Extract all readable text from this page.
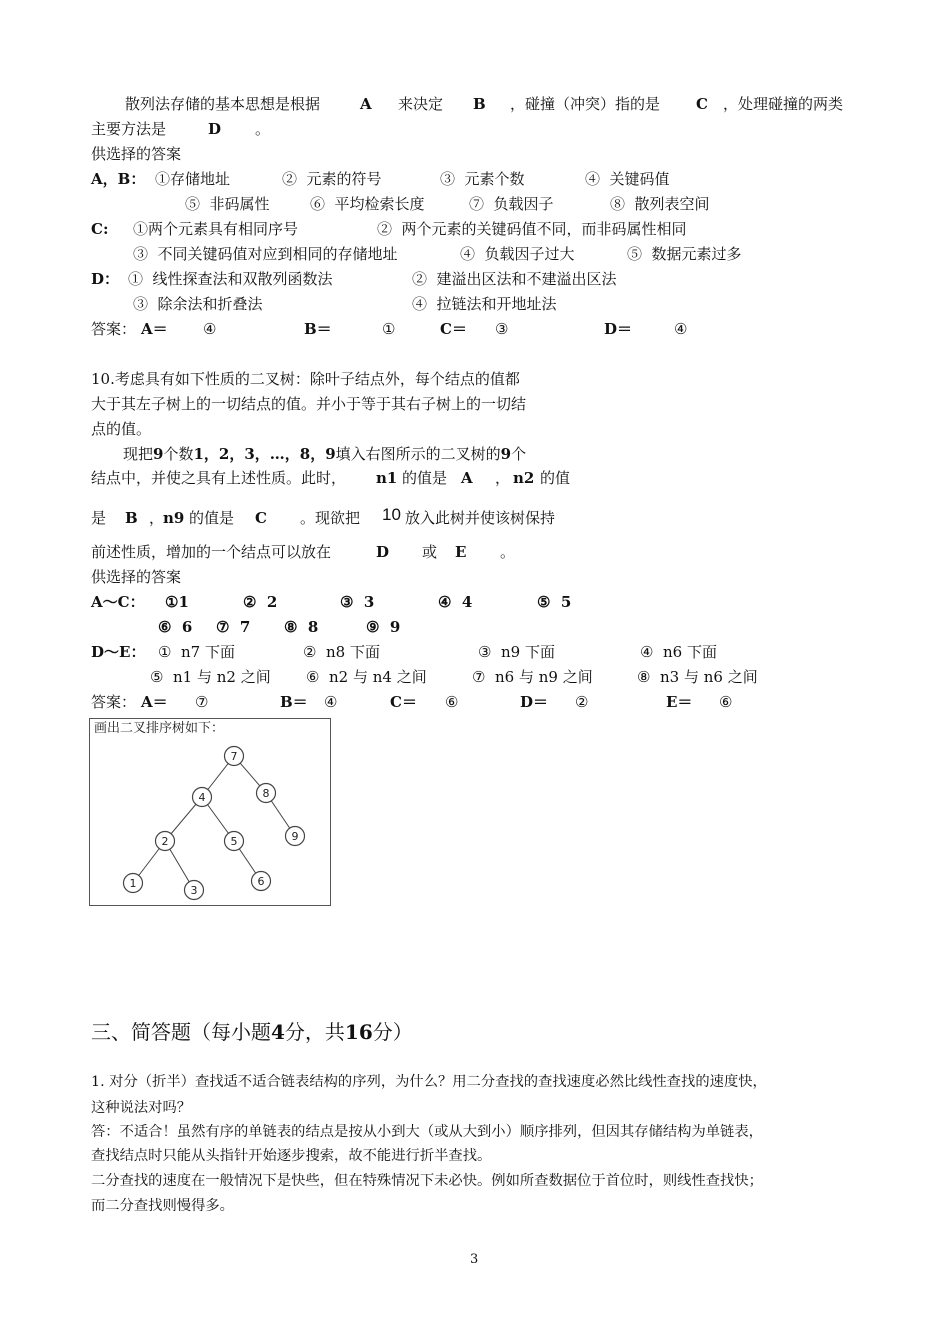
散列法存储的基本思想是根据	A 来决定 B ，碰撞（冲突）指的是 C ，处理碰撞的两类
主要方法是	D 。
供选择的答案
A，B： ①存储地址	②  元素的符号	③  元素个数	④  关键码值
⑤  非码属性	⑥  平均检索长度	⑦  负载因子	⑧  散列表空间
C: ①两个元素具有相同序号	②  两个元素的关键码值不同，而非码属性相同
③  不同关键码值对应到相同的存储地址	④  负载因子过大	⑤  数据元素过多
D： ①  线性探查法和双散列函数法	②  建溢出区法和不建溢出区法
③  除余法和折叠法	④  拉链法和开地址法
答案： A＝ ④	B＝	①	C＝ ③	D＝	④
10.考虑具有如下性质的二叉树：除叶子结点外，每个结点的值都
大于其左子树上的一切结点的值。并小于等于其右子树上的一切结
点的值。
现把9个数1，2，3，…，8，9填入右图所示的二叉树的9个
结点中，并使之具有上述性质。此时， n1 的值是 A ， n2 的值
是 B ，
n9 的值是 C 。现欲把 10 放入此树并使该树保持
前述性质，增加的一个结点可以放在	D 或 E 。
供选择的答案
A～C： ①1	②  2	③  3	④  4	⑤  5
⑥  6 ⑦  7 ⑧  8	⑨  9
D～E： ①  n7 下面	②  n8 下面	③  n9 下面	④  n6 下面
⑤  n1 与 n2 之间 ⑥  n2 与 n4 之间	⑦  n6 与 n9 之间	⑧  n3 与 n6 之间
答案： A＝ ⑦	B＝ ④	C＝ ⑥	D＝ ②	E＝ ⑥
画出二叉排序树如下：
7
4	8
2	5	9
1
3
6
三、简答题（每小题4分，共16分）
1. 对分（折半）查找适不适合链表结构的序列，为什么？用二分查找的查找速度必然比线性查找的速度快，
这种说法对吗？
答：不适合！虽然有序的单链表的结点是按从小到大（或从大到小）顺序排列，但因其存储结构为单链表，
查找结点时只能从头指针开始逐步搜索，故不能进行折半查找。
二分查找的速度在一般情况下是快些，但在特殊情况下未必快。例如所查数据位于首位时，则线性查找快；
而二分查找则慢得多。
3
